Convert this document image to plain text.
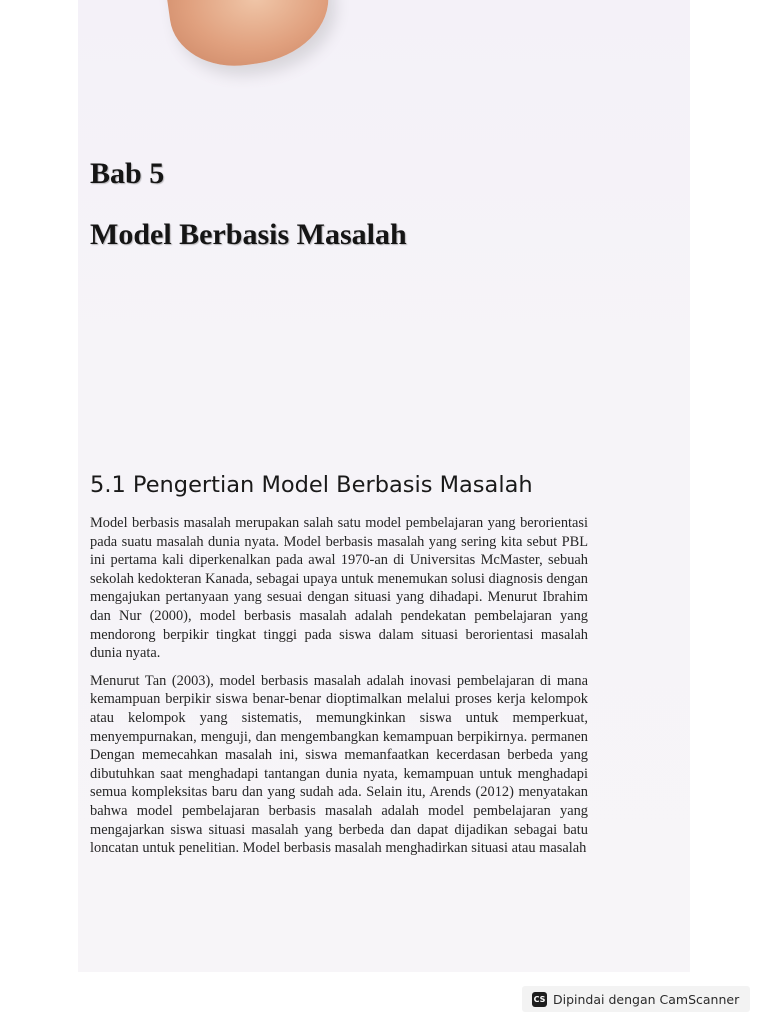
Bab 5
Model Berbasis Masalah
5.1 Pengertian Model Berbasis Masalah

Model berbasis masalah merupakan salah satu model pembelajaran yang berorientasi pada suatu masalah dunia nyata. Model berbasis masalah yang sering kita sebut PBL ini pertama kali diperkenalkan pada awal 1970-an di Universitas McMaster, sebuah sekolah kedokteran Kanada, sebagai upaya untuk menemukan solusi diagnosis dengan mengajukan pertanyaan yang sesuai dengan situasi yang dihadapi. Menurut Ibrahim dan Nur (2000), model berbasis masalah adalah pendekatan pembelajaran yang mendorong berpikir tingkat tinggi pada siswa dalam situasi berorientasi masalah dunia nyata.

Menurut Tan (2003), model berbasis masalah adalah inovasi pembelajaran di mana kemampuan berpikir siswa benar-benar dioptimalkan melalui proses kerja kelompok atau kelompok yang sistematis, memungkinkan siswa untuk memperkuat, menyempurnakan, menguji, dan mengembangkan kemampuan berpikirnya. permanen Dengan memecahkan masalah ini, siswa memanfaatkan kecerdasan berbeda yang dibutuhkan saat menghadapi tantangan dunia nyata, kemampuan untuk menghadapi semua kompleksitas baru dan yang sudah ada. Selain itu, Arends (2012) menyatakan bahwa model pembelajaran berbasis masalah adalah model pembelajaran yang mengajarkan siswa situasi masalah yang berbeda dan dapat dijadikan sebagai batu loncatan untuk penelitian. Model berbasis masalah menghadirkan situasi atau masalah

CS Dipindai dengan CamScanner
